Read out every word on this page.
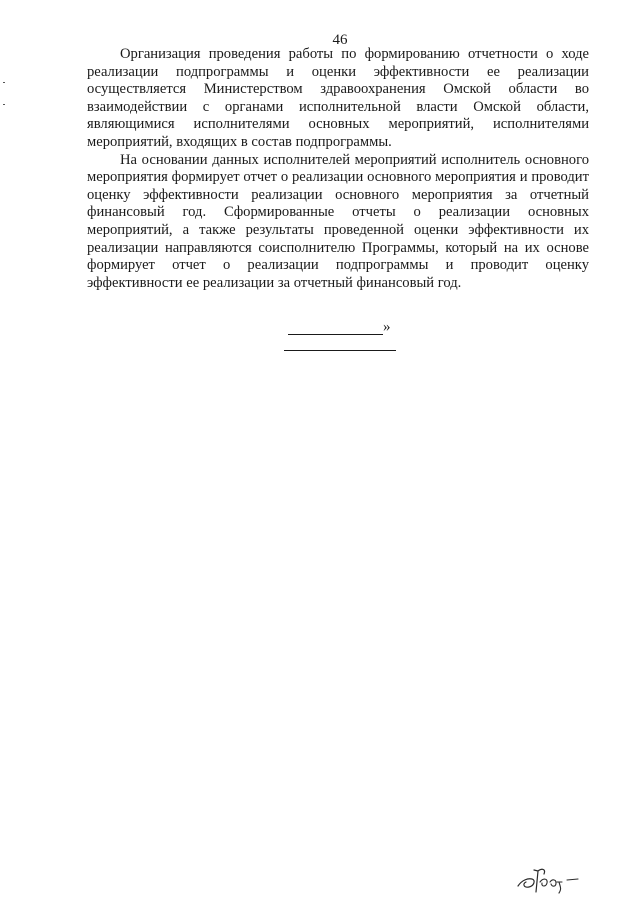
46

Организация проведения работы по формированию отчетности о ходе реализации подпрограммы и оценки эффективности ее реализации осуществляется Министерством здравоохранения Омской области во взаимодействии с органами исполнительной власти Омской области, являющимися исполнителями основных мероприятий, исполнителями мероприятий, входящих в состав подпрограммы.

На основании данных исполнителей мероприятий исполнитель основного мероприятия формирует отчет о реализации основного мероприятия и проводит оценку эффективности реализации основного мероприятия за отчетный финансовый год. Сформированные отчеты о реализации основных мероприятий, а также результаты проведенной оценки эффективности их реализации направляются соисполнителю Программы, который на их основе формирует отчет о реализации подпрограммы и проводит оценку эффективности ее реализации за отчетный финансовый год.

»
